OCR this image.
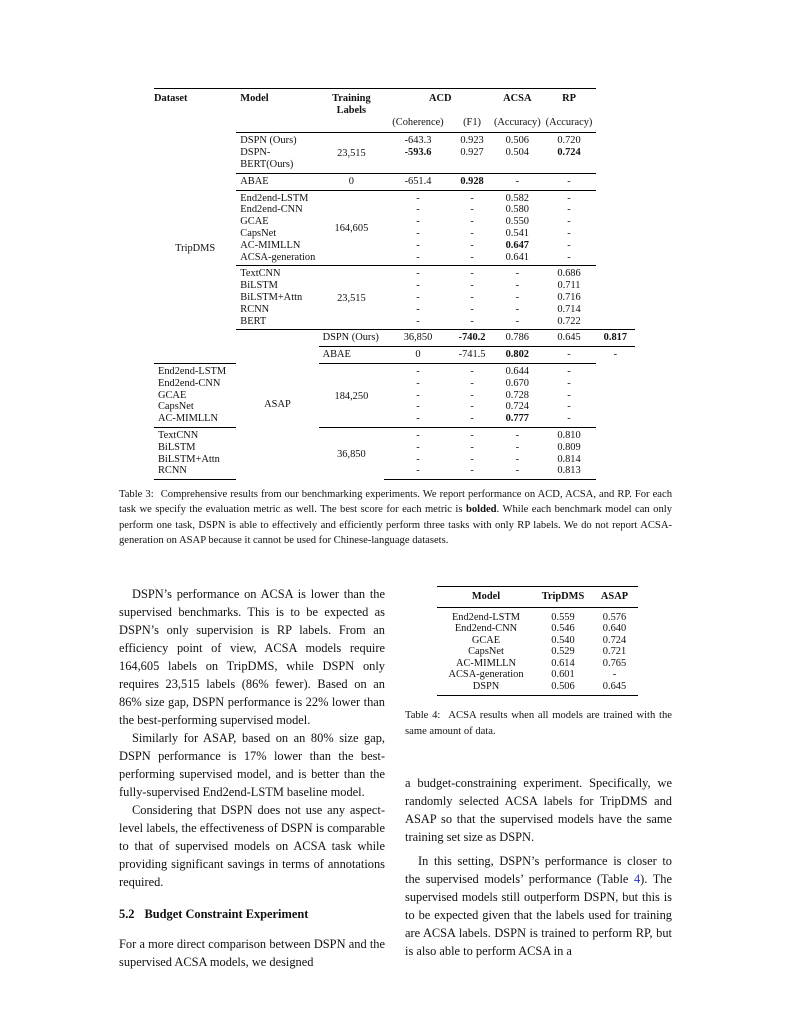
Dataset	Model	Training Labels	ACD		ACSA	RP	
			(Coherence)	(F1)	(Accuracy)	(Accuracy)	
TripDMS	DSPN (Ours)	23,515	-643.3	0.923	0.506	0.720	
	DSPN-BERT(Ours)		-593.6	0.927	0.504	0.724	
	ABAE	0	-651.4	0.928	-	-	
	End2end-LSTM	164,605	-	-	0.582	-	
	End2end-CNN		-	-	0.580	-	
	GCAE		-	-	0.550	-	
	CapsNet		-	-	0.541	-	
	AC-MIMLLN		-	-	0.647	-	
	ACSA-generation		-	-	0.641	-	
	TextCNN	23,515	-	-	-	0.686	
	BiLSTM		-	-	-	0.711	
	BiLSTM+Attn		-	-	-	0.716	
	RCNN		-	-	-	0.714	
	BERT		-	-	-	0.722	
	ASAP	DSPN (Ours)	36,850	-740.2	0.786	0.645	0.817
		ABAE	0	-741.5	0.802	-	-
End2end-LSTM		184,250	-	-	0.644	-	
End2end-CNN			-	-	0.670	-	
GCAE			-	-	0.728	-	
CapsNet			-	-	0.724	-	
AC-MIMLLN			-	-	0.777	-	
TextCNN		36,850	-	-	-	0.810	
BiLSTM			-	-	-	0.809	
BiLSTM+Attn			-	-	-	0.814	
RCNN			-	-	-	0.813	
Table 3: Comprehensive results from our benchmarking experiments. We report performance on ACD, ACSA, and RP. For each task we specify the evaluation metric as well. The best score for each metric is bolded. While each benchmark model can only perform one task, DSPN is able to effectively and efficiently perform three tasks with only RP labels. We do not report ACSA-generation on ASAP because it cannot be used for Chinese-language datasets.
Model	TripDMS	ASAP
End2end-LSTM	0.559	0.576
End2end-CNN	0.546	0.640
GCAE	0.540	0.724
CapsNet	0.529	0.721
AC-MIMLLN	0.614	0.765
ACSA-generation	0.601	-
DSPN	0.506	0.645
Table 4: ACSA results when all models are trained with the same amount of data.

DSPN’s performance on ACSA is lower than the supervised benchmarks. This is to be expected as DSPN’s only supervision is RP labels. From an efficiency point of view, ACSA models require 164,605 labels on TripDMS, while DSPN only requires 23,515 labels (86% fewer). Based on an 86% size gap, DSPN performance is 22% lower than the best-performing supervised model.

Similarly for ASAP, based on an 80% size gap, DSPN performance is 17% lower than the best-performing supervised model, and is better than the fully-supervised End2end-LSTM baseline model.

Considering that DSPN does not use any aspect-level labels, the effectiveness of DSPN is comparable to that of supervised models on ACSA task while providing significant savings in terms of annotations required.

5.2 Budget Constraint Experiment

For a more direct comparison between DSPN and the supervised ACSA models, we designed

a budget-constraining experiment. Specifically, we randomly selected ACSA labels for TripDMS and ASAP so that the supervised models have the same training set size as DSPN.

In this setting, DSPN’s performance is closer to the supervised models’ performance (Table 4). The supervised models still outperform DSPN, but this is to be expected given that the labels used for training are ACSA labels. DSPN is trained to perform RP, but is also able to perform ACSA in a
